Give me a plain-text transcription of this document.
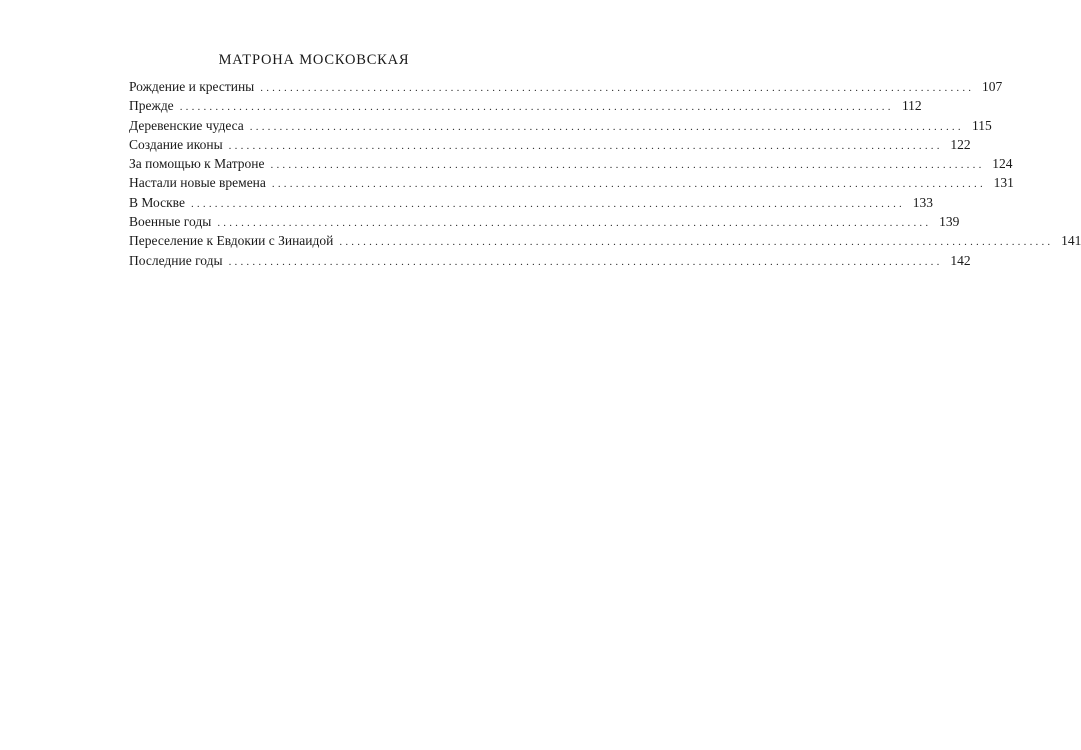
МАТРОНА МОСКОВСКАЯ
Рождение и крестины ........................................................................................................................ 107
Прежде ........................................................................................................................ 112
Деревенские чудеса ........................................................................................................................ 115
Создание иконы ........................................................................................................................ 122
За помощью к Матроне ........................................................................................................................ 124
Настали новые времена ........................................................................................................................ 131
В Москве ........................................................................................................................ 133
Военные годы ........................................................................................................................ 139
Переселение к Евдокии с Зинаидой ........................................................................................................................ 141
Последние годы ........................................................................................................................ 142
